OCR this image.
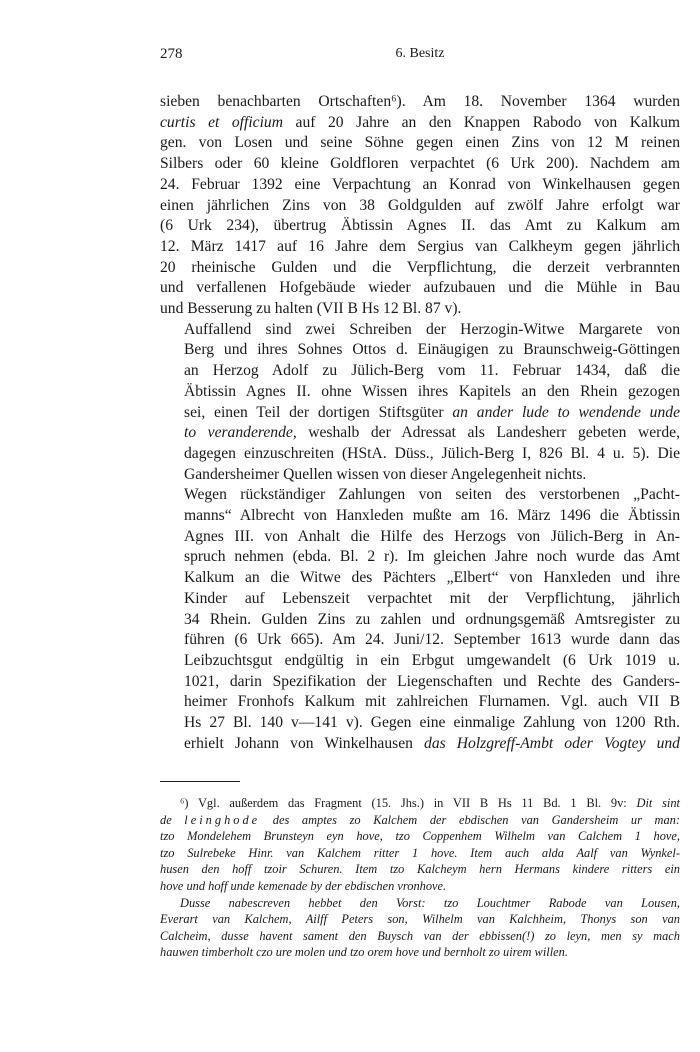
278	6. Besitz

sieben benachbarten Ortschaften⁶). Am 18. November 1364 wurden
curtis et officium auf 20 Jahre an den Knappen Rabodo von Kalkum
gen. von Losen und seine Söhne gegen einen Zins von 12 M reinen
Silbers oder 60 kleine Goldfloren verpachtet (6 Urk 200). Nachdem am
24. Februar 1392 eine Verpachtung an Konrad von Winkelhausen gegen
einen jährlichen Zins von 38 Goldgulden auf zwölf Jahre erfolgt war
(6 Urk 234), übertrug Äbtissin Agnes II. das Amt zu Kalkum am
12. März 1417 auf 16 Jahre dem Sergius van Calkheym gegen jährlich
20 rheinische Gulden und die Verpflichtung, die derzeit verbrannten
und verfallenen Hofgebäude wieder aufzubauen und die Mühle in Bau
und Besserung zu halten (VII B Hs 12 Bl. 87 v).

Auffallend sind zwei Schreiben der Herzogin-Witwe Margarete von
Berg und ihres Sohnes Ottos d. Einäugigen zu Braunschweig-Göttingen
an Herzog Adolf zu Jülich-Berg vom 11. Februar 1434, daß die
Äbtissin Agnes II. ohne Wissen ihres Kapitels an den Rhein gezogen
sei, einen Teil der dortigen Stiftsgüter an ander lude to wendende unde
to veranderende, weshalb der Adressat als Landesherr gebeten werde,
dagegen einzuschreiten (HStA. Düss., Jülich-Berg I, 826 Bl. 4 u. 5). Die
Gandersheimer Quellen wissen von dieser Angelegenheit nichts.

Wegen rückständiger Zahlungen von seiten des verstorbenen „Pacht-
manns“ Albrecht von Hanxleden mußte am 16. März 1496 die Äbtissin
Agnes III. von Anhalt die Hilfe des Herzogs von Jülich-Berg in An-
spruch nehmen (ebda. Bl. 2 r). Im gleichen Jahre noch wurde das Amt
Kalkum an die Witwe des Pächters „Elbert“ von Hanxleden und ihre
Kinder auf Lebenszeit verpachtet mit der Verpflichtung, jährlich
34 Rhein. Gulden Zins zu zahlen und ordnungsgemäß Amtsregister zu
führen (6 Urk 665). Am 24. Juni/12. September 1613 wurde dann das
Leibzuchtsgut endgültig in ein Erbgut umgewandelt (6 Urk 1019 u.
1021, darin Spezifikation der Liegenschaften und Rechte des Ganders-
heimer Fronhofs Kalkum mit zahlreichen Flurnamen. Vgl. auch VII B
Hs 27 Bl. 140 v—141 v). Gegen eine einmalige Zahlung von 1200 Rth.
erhielt Johann von Winkelhausen das Holzgreff-Ambt oder Vogtey und

⁶) Vgl. außerdem das Fragment (15. Jhs.) in VII B Hs 11 Bd. 1 Bl. 9v: Dit sint
de leinghode des amptes zo Kalchem der ebdischen van Gandersheim ur man:
tzo Mondelehem Brunsteyn eyn hove, tzo Coppenhem Wilhelm van Calchem 1 hove,
tzo Sulrebeke Hinr. van Kalchem ritter 1 hove. Item auch alda Aalf van Wynkel-
husen den hoff tzoir Schuren. Item tzo Kalcheym hern Hermans kindere ritters ein
hove und hoff unde kemenade by der ebdischen vronhove.
Dusse nabescreven hebbet den Vorst: tzo Louchtmer Rabode van Lousen,
Everart van Kalchem, Ailff Peters son, Wilhelm van Kalchheim, Thonys son van
Calcheim, dusse havent sament den Buysch van der ebbissen(!) zo leyn, men sy mach
hauwen timberholt czo ure molen und tzo orem hove und bernholt zo uirem willen.
